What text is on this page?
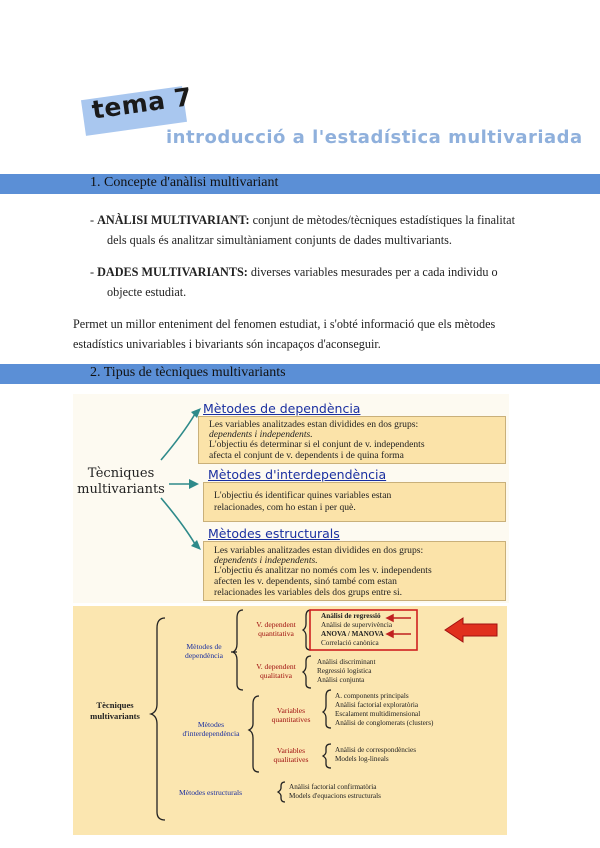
tema 7
introducció a l'estadística multivariada
1. Concepte d'anàlisi multivariant
- ANÀLISI MULTIVARIANT: conjunt de mètodes/tècniques estadístiques la finalitat
dels quals és analitzar simultàniament conjunts de dades multivariants.
- DADES MULTIVARIANTS: diverses variables mesurades per a cada individu o
objecte estudiat.
Permet un millor enteniment del fenomen estudiat, i s'obté informació que els mètodes
estadístics univariables i bivariants són incapaços d'aconseguir.
2. Tipus de tècniques multivariants
Tècniques
multivariants
Mètodes de dependència
Les variables analitzades estan dividides en dos grups:
dependents i independents.
L'objectiu és determinar si el conjunt de v. independents
afecta el conjunt de v. dependents i de quina forma
Mètodes d'interdependència
L'objectiu és identificar quines variables estan
relacionades, com ho estan i per què.
Mètodes estructurals
Les variables analitzades estan dividides en dos grups:
dependents i independents.
L'objectiu és analitzar no només com les v. independents
afecten les v. dependents, sinó també com estan
relacionades les variables dels dos grups entre si.
Tècniques
multivariants
Mètodes de
dependència
V. dependent
quantitativa
Anàlisi de regressió
Anàlisi de supervivència
ANOVA / MANOVA
Correlació canònica
V. dependent
qualitativa
Anàlisi discriminant
Regressió logística
Anàlisi conjunta
Mètodes
d'interdependència
Variables
quantitatives
A. components principals
Anàlisi factorial exploratòria
Escalament multidimensional
Anàlisi de conglomerats (clusters)
Variables
qualitatives
Anàlisi de correspondències
Models log-lineals
Mètodes estructurals
Anàlisi factorial confirmatòria
Models d'equacions estructurals
